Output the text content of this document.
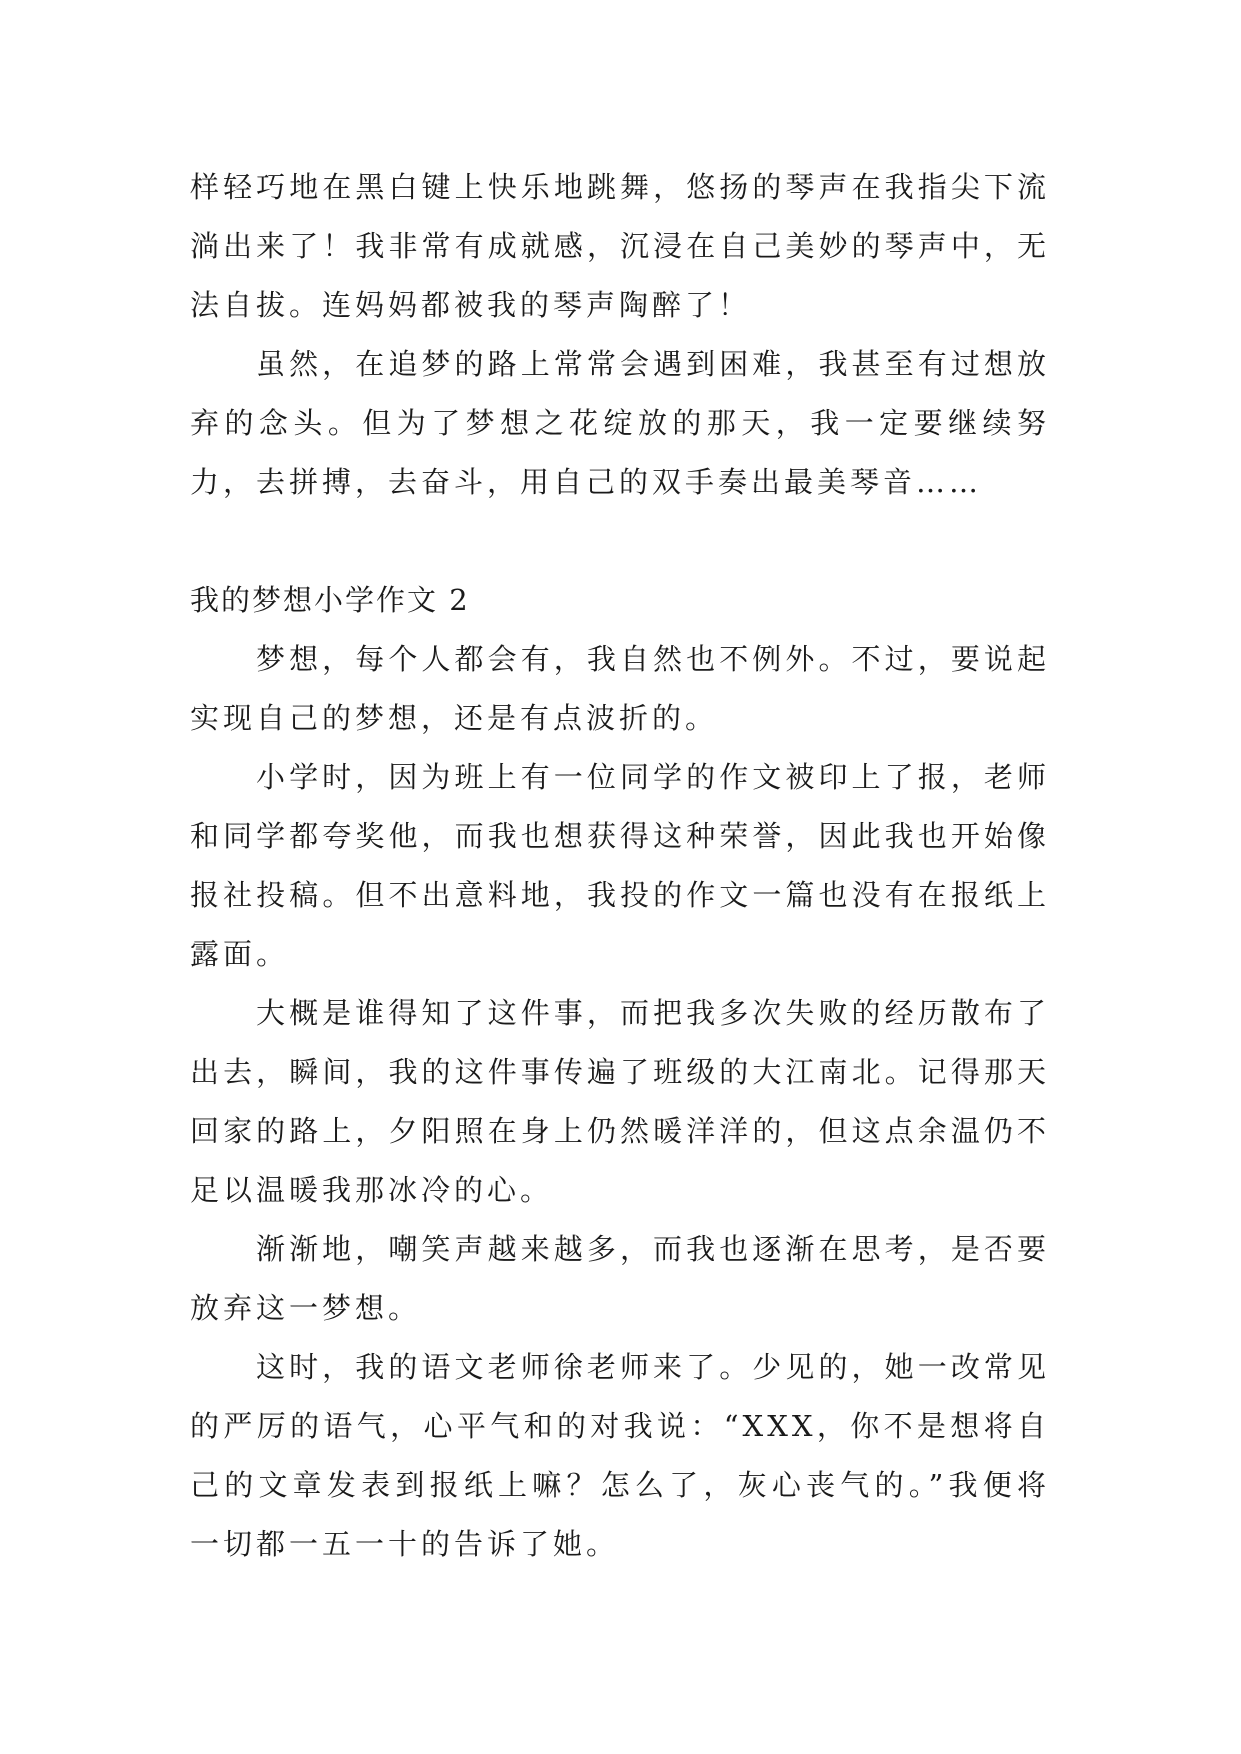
样轻巧地在黑白键上快乐地跳舞，悠扬的琴声在我指尖下流淌出来了！我非常有成就感，沉浸在自己美妙的琴声中，无法自拔。连妈妈都被我的琴声陶醉了！

虽然，在追梦的路上常常会遇到困难，我甚至有过想放弃的念头。但为了梦想之花绽放的那天，我一定要继续努力，去拼搏，去奋斗，用自己的双手奏出最美琴音……

我的梦想小学作文 2

梦想，每个人都会有，我自然也不例外。不过，要说起实现自己的梦想，还是有点波折的。

小学时，因为班上有一位同学的作文被印上了报，老师和同学都夸奖他，而我也想获得这种荣誉，因此我也开始像报社投稿。但不出意料地，我投的作文一篇也没有在报纸上露面。

大概是谁得知了这件事，而把我多次失败的经历散布了出去，瞬间，我的这件事传遍了班级的大江南北。记得那天回家的路上，夕阳照在身上仍然暖洋洋的，但这点余温仍不足以温暖我那冰冷的心。

渐渐地，嘲笑声越来越多，而我也逐渐在思考，是否要放弃这一梦想。

这时，我的语文老师徐老师来了。少见的，她一改常见的严厉的语气，心平气和的对我说：“XXX，你不是想将自己的文章发表到报纸上嘛？怎么了，灰心丧气的。”我便将一切都一五一十的告诉了她。
